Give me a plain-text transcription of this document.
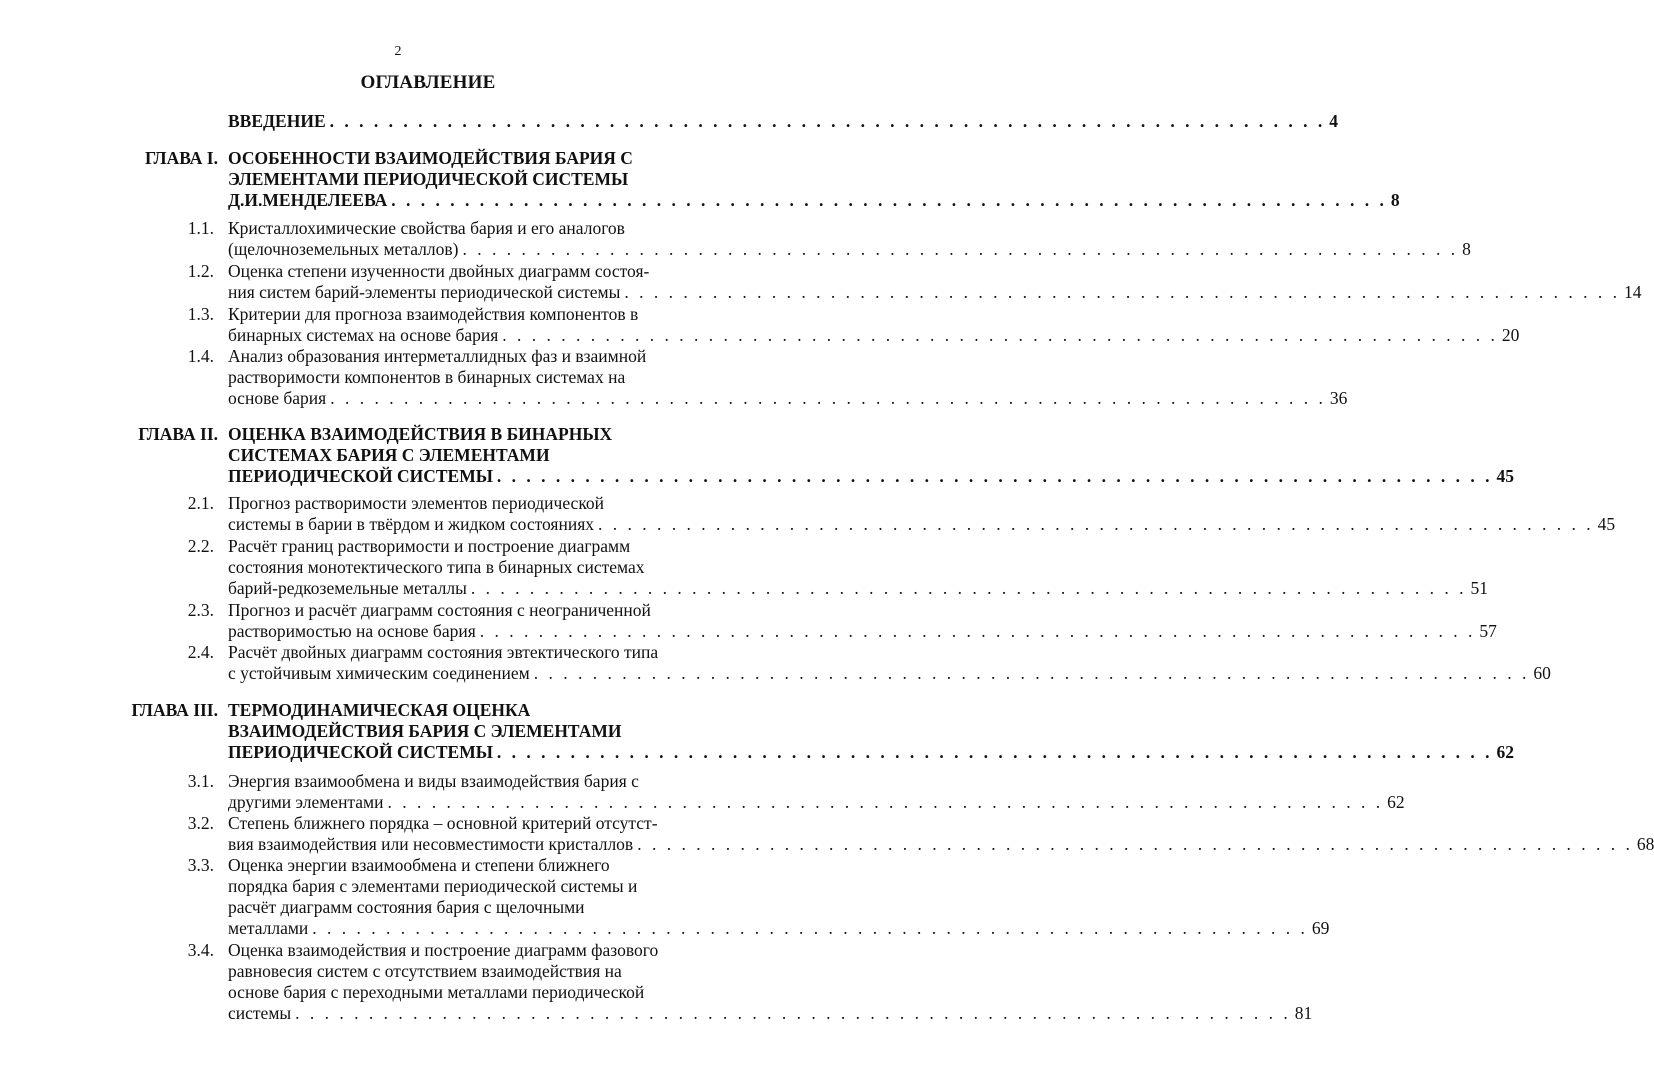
2
ОГЛАВЛЕНИЕ
ВВЕДЕНИЕ . . . . . . . . . . . . . . . . . . . . . . . . . . . . . . . . . . . . . . . . . . . . . . . . . . . . . . . . . . . . . . . . . . . . 4
ГЛАВА I. ОСОБЕННОСТИ ВЗАИМОДЕЙСТВИЯ БАРИЯ С
ЭЛЕМЕНТАМИ ПЕРИОДИЧЕСКОЙ СИСТЕМЫ
Д.И.МЕНДЕЛЕЕВА . . . . . . . . . . . . . . . . . . . . . . . . . . . . . . . . . . . . . . . . . . . . . . . . . . . . . . . . . . . . . . . . . . . . 8
1.1. Кристаллохимические свойства бария и его аналогов
(щелочноземельных металлов) . . . . . . . . . . . . . . . . . . . . . . . . . . . . . . . . . . . . . . . . . . . . . . . . . . . . . . . . . . . . . . . . . . . . 8
1.2. Оценка степени изученности двойных диаграмм состоя-
ния систем барий-элементы периодической системы . . . . . . . . . . . . . . . . . . . . . . . . . . . . . . . . . . . . . . . . . . . . . . . . . . . . . . . . . . . . . . . . . . . . 14
1.3. Критерии для прогноза взаимодействия компонентов в
бинарных системах на основе бария . . . . . . . . . . . . . . . . . . . . . . . . . . . . . . . . . . . . . . . . . . . . . . . . . . . . . . . . . . . . . . . . . . . . 20
1.4. Анализ образования интерметаллидных фаз и взаимной
растворимости компонентов в бинарных системах на
основе бария . . . . . . . . . . . . . . . . . . . . . . . . . . . . . . . . . . . . . . . . . . . . . . . . . . . . . . . . . . . . . . . . . . . . 36
ГЛАВА II. ОЦЕНКА ВЗАИМОДЕЙСТВИЯ В БИНАРНЫХ
СИСТЕМАХ БАРИЯ С ЭЛЕМЕНТАМИ
ПЕРИОДИЧЕСКОЙ СИСТЕМЫ . . . . . . . . . . . . . . . . . . . . . . . . . . . . . . . . . . . . . . . . . . . . . . . . . . . . . . . . . . . . . . . . . . . . 45
2.1. Прогноз растворимости элементов периодической
системы в барии в твёрдом и жидком состояниях . . . . . . . . . . . . . . . . . . . . . . . . . . . . . . . . . . . . . . . . . . . . . . . . . . . . . . . . . . . . . . . . . . . . 45
2.2. Расчёт границ растворимости и построение диаграмм
состояния монотектического типа в бинарных системах
барий-редкоземельные металлы . . . . . . . . . . . . . . . . . . . . . . . . . . . . . . . . . . . . . . . . . . . . . . . . . . . . . . . . . . . . . . . . . . . . 51
2.3. Прогноз и расчёт диаграмм состояния с неограниченной
растворимостью на основе бария . . . . . . . . . . . . . . . . . . . . . . . . . . . . . . . . . . . . . . . . . . . . . . . . . . . . . . . . . . . . . . . . . . . . 57
2.4. Расчёт двойных диаграмм состояния эвтектического типа
с устойчивым химическим соединением . . . . . . . . . . . . . . . . . . . . . . . . . . . . . . . . . . . . . . . . . . . . . . . . . . . . . . . . . . . . . . . . . . . . 60
ГЛАВА III. ТЕРМОДИНАМИЧЕСКАЯ ОЦЕНКА
ВЗАИМОДЕЙСТВИЯ БАРИЯ С ЭЛЕМЕНТАМИ
ПЕРИОДИЧЕСКОЙ СИСТЕМЫ . . . . . . . . . . . . . . . . . . . . . . . . . . . . . . . . . . . . . . . . . . . . . . . . . . . . . . . . . . . . . . . . . . . . 62
3.1. Энергия взаимообмена и виды взаимодействия бария с
другими элементами . . . . . . . . . . . . . . . . . . . . . . . . . . . . . . . . . . . . . . . . . . . . . . . . . . . . . . . . . . . . . . . . . . . . 62
3.2. Степень ближнего порядка – основной критерий отсутст-
вия взаимодействия или несовместимости кристаллов . . . . . . . . . . . . . . . . . . . . . . . . . . . . . . . . . . . . . . . . . . . . . . . . . . . . . . . . . . . . . . . . . . . . 68
3.3. Оценка энергии взаимообмена и степени ближнего
порядка бария с элементами периодической системы и
расчёт диаграмм состояния бария с щелочными
металлами . . . . . . . . . . . . . . . . . . . . . . . . . . . . . . . . . . . . . . . . . . . . . . . . . . . . . . . . . . . . . . . . . . . . 69
3.4. Оценка взаимодействия и построение диаграмм фазового
равновесия систем с отсутствием взаимодействия на
основе бария с переходными металлами периодической
системы . . . . . . . . . . . . . . . . . . . . . . . . . . . . . . . . . . . . . . . . . . . . . . . . . . . . . . . . . . . . . . . . . . . . 81
